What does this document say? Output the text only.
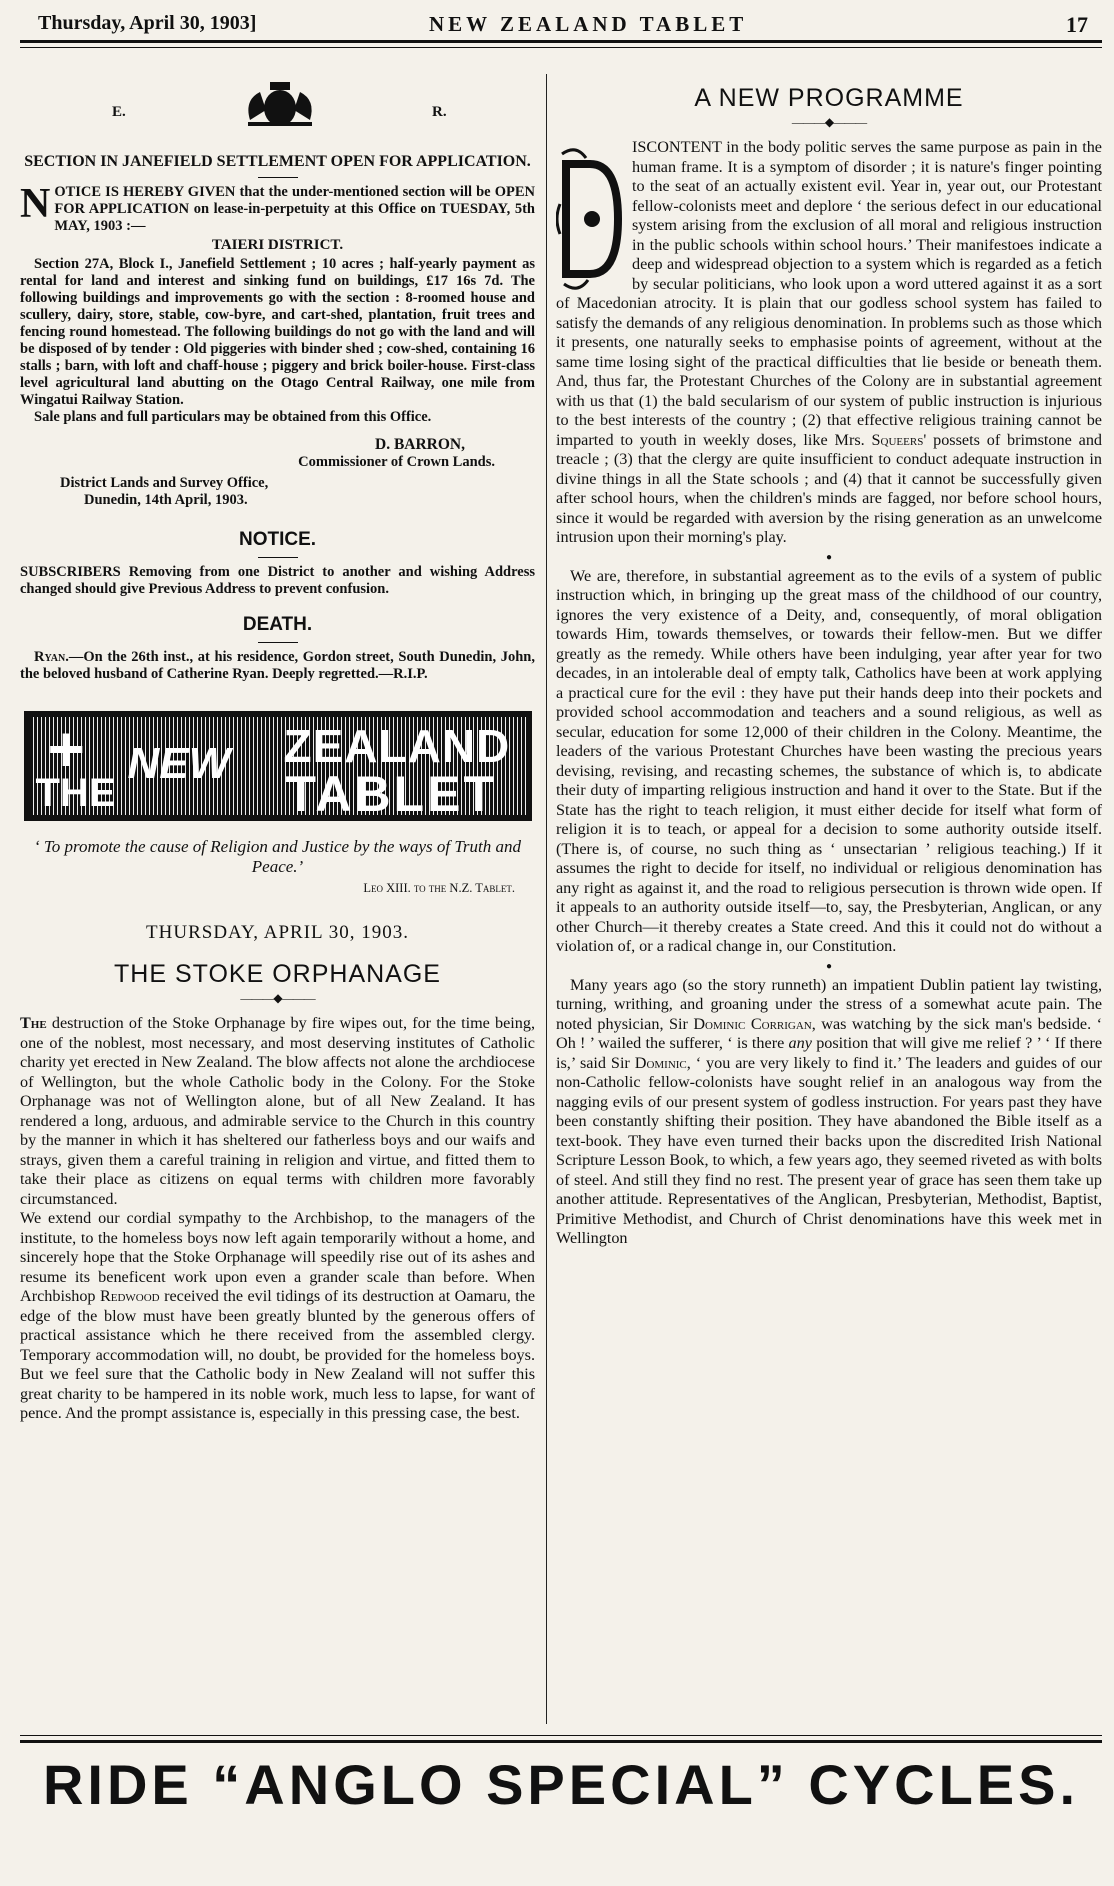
Thursday, April 30, 1903]	NEW ZEALAND TABLET	17
E.	R.
SECTION IN JANEFIELD SETTLEMENT OPEN FOR APPLICATION.
NOTICE IS HEREBY GIVEN that the under-mentioned section will be OPEN FOR APPLICATION on lease-in-perpetuity at this Office on TUESDAY, 5th MAY, 1903 :—
TAIERI DISTRICT.
Section 27A, Block I., Janefield Settlement ; 10 acres ; half-yearly payment as rental for land and interest and sinking fund on buildings, £17 16s 7d. The following buildings and improvements go with the section : 8-roomed house and scullery, dairy, store, stable, cow-byre, and cart-shed, plantation, fruit trees and fencing round homestead. The following buildings do not go with the land and will be disposed of by tender : Old piggeries with binder shed ; cow-shed, containing 16 stalls ; barn, with loft and chaff-house ; piggery and brick boiler-house. First-class level agricultural land abutting on the Otago Central Railway, one mile from Wingatui Railway Station.
Sale plans and full particulars may be obtained from this Office.
D. BARRON,
Commissioner of Crown Lands.
District Lands and Survey Office,
Dunedin, 14th April, 1903.
NOTICE.
SUBSCRIBERS Removing from one District to another and wishing Address changed should give Previous Address to prevent confusion.
DEATH.
Ryan.—On the 26th inst., at his residence, Gordon street, South Dunedin, John, the beloved husband of Catherine Ryan. Deeply regretted.—R.I.P.
+
THE
NEW ZEALAND
TABLET
‘ To promote the cause of Religion and Justice by the ways of Truth and Peace.’
Leo XIII. to the N.Z. Tablet.
THURSDAY, APRIL 30, 1903.
THE STOKE ORPHANAGE
———◆———
The destruction of the Stoke Orphanage by fire wipes out, for the time being, one of the noblest, most necessary, and most deserving institutes of Catholic charity yet erected in New Zealand. The blow affects not alone the archdiocese of Wellington, but the whole Catholic body in the Colony. For the Stoke Orphanage was not of Wellington alone, but of all New Zealand. It has rendered a long, arduous, and admirable service to the Church in this country by the manner in which it has sheltered our fatherless boys and our waifs and strays, given them a careful training in religion and virtue, and fitted them to take their place as citizens on equal terms with children more favorably circumstanced.
We extend our cordial sympathy to the Archbishop, to the managers of the institute, to the homeless boys now left again temporarily without a home, and sincerely hope that the Stoke Orphanage will speedily rise out of its ashes and resume its beneficent work upon even a grander scale than before. When Archbishop Redwood received the evil tidings of its destruction at Oamaru, the edge of the blow must have been greatly blunted by the generous offers of practical assistance which he there received from the assembled clergy. Temporary accommodation will, no doubt, be provided for the homeless boys. But we feel sure that the Catholic body in New Zealand will not suffer this great charity to be hampered in its noble work, much less to lapse, for want of pence. And the prompt assistance is, especially in this pressing case, the best.
A NEW PROGRAMME
———◆———
ISCONTENT in the body politic serves the same purpose as pain in the human frame. It is a symptom of disorder ; it is nature's finger pointing to the seat of an actually existent evil. Year in, year out, our Protestant fellow-colonists meet and deplore ‘ the serious defect in our educational system arising from the exclusion of all moral and religious instruction in the public schools within school hours.’ Their manifestoes indicate a deep and widespread objection to a system which is regarded as a fetich by secular politicians, who look upon a word uttered against it as a sort of Macedonian atrocity. It is plain that our godless school system has failed to satisfy the demands of any religious denomination. In problems such as those which it presents, one naturally seeks to emphasise points of agreement, without at the same time losing sight of the practical difficulties that lie beside or beneath them. And, thus far, the Protestant Churches of the Colony are in substantial agreement with us that (1) the bald secularism of our system of public instruction is injurious to the best interests of the country ; (2) that effective religious training cannot be imparted to youth in weekly doses, like Mrs. Squeers' possets of brimstone and treacle ; (3) that the clergy are quite insufficient to conduct adequate instruction in divine things in all the State schools ; and (4) that it cannot be successfully given after school hours, when the children's minds are fagged, nor before school hours, since it would be regarded with aversion by the rising generation as an unwelcome intrusion upon their morning's play.
●
We are, therefore, in substantial agreement as to the evils of a system of public instruction which, in bringing up the great mass of the childhood of our country, ignores the very existence of a Deity, and, consequently, of moral obligation towards Him, towards themselves, or towards their fellow-men. But we differ greatly as the remedy. While others have been indulging, year after year for two decades, in an intolerable deal of empty talk, Catholics have been at work applying a practical cure for the evil : they have put their hands deep into their pockets and provided school accommodation and teachers and a sound religious, as well as secular, education for some 12,000 of their children in the Colony. Meantime, the leaders of the various Protestant Churches have been wasting the precious years devising, revising, and recasting schemes, the substance of which is, to abdicate their duty of imparting religious instruction and hand it over to the State. But if the State has the right to teach religion, it must either decide for itself what form of religion it is to teach, or appeal for a decision to some authority outside itself. (There is, of course, no such thing as ‘ unsectarian ’ religious teaching.) If it assumes the right to decide for itself, no individual or religious denomination has any right as against it, and the road to religious persecution is thrown wide open. If it appeals to an authority outside itself—to, say, the Presbyterian, Anglican, or any other Church—it thereby creates a State creed. And this it could not do without a violation of, or a radical change in, our Constitution.
●
Many years ago (so the story runneth) an impatient Dublin patient lay twisting, turning, writhing, and groaning under the stress of a somewhat acute pain. The noted physician, Sir Dominic Corrigan, was watching by the sick man's bedside. ‘ Oh ! ’ wailed the sufferer, ‘ is there any position that will give me relief ? ’ ‘ If there is,’ said Sir Dominic, ‘ you are very likely to find it.’ The leaders and guides of our non-Catholic fellow-colonists have sought relief in an analogous way from the nagging evils of our present system of godless instruction. For years past they have been constantly shifting their position. They have abandoned the Bible itself as a text-book. They have even turned their backs upon the discredited Irish National Scripture Lesson Book, to which, a few years ago, they seemed riveted as with bolts of steel. And still they find no rest. The present year of grace has seen them take up another attitude. Representatives of the Anglican, Presbyterian, Methodist, Baptist, Primitive Methodist, and Church of Christ denominations have this week met in Wellington
RIDE “ANGLO SPECIAL” CYCLES.
